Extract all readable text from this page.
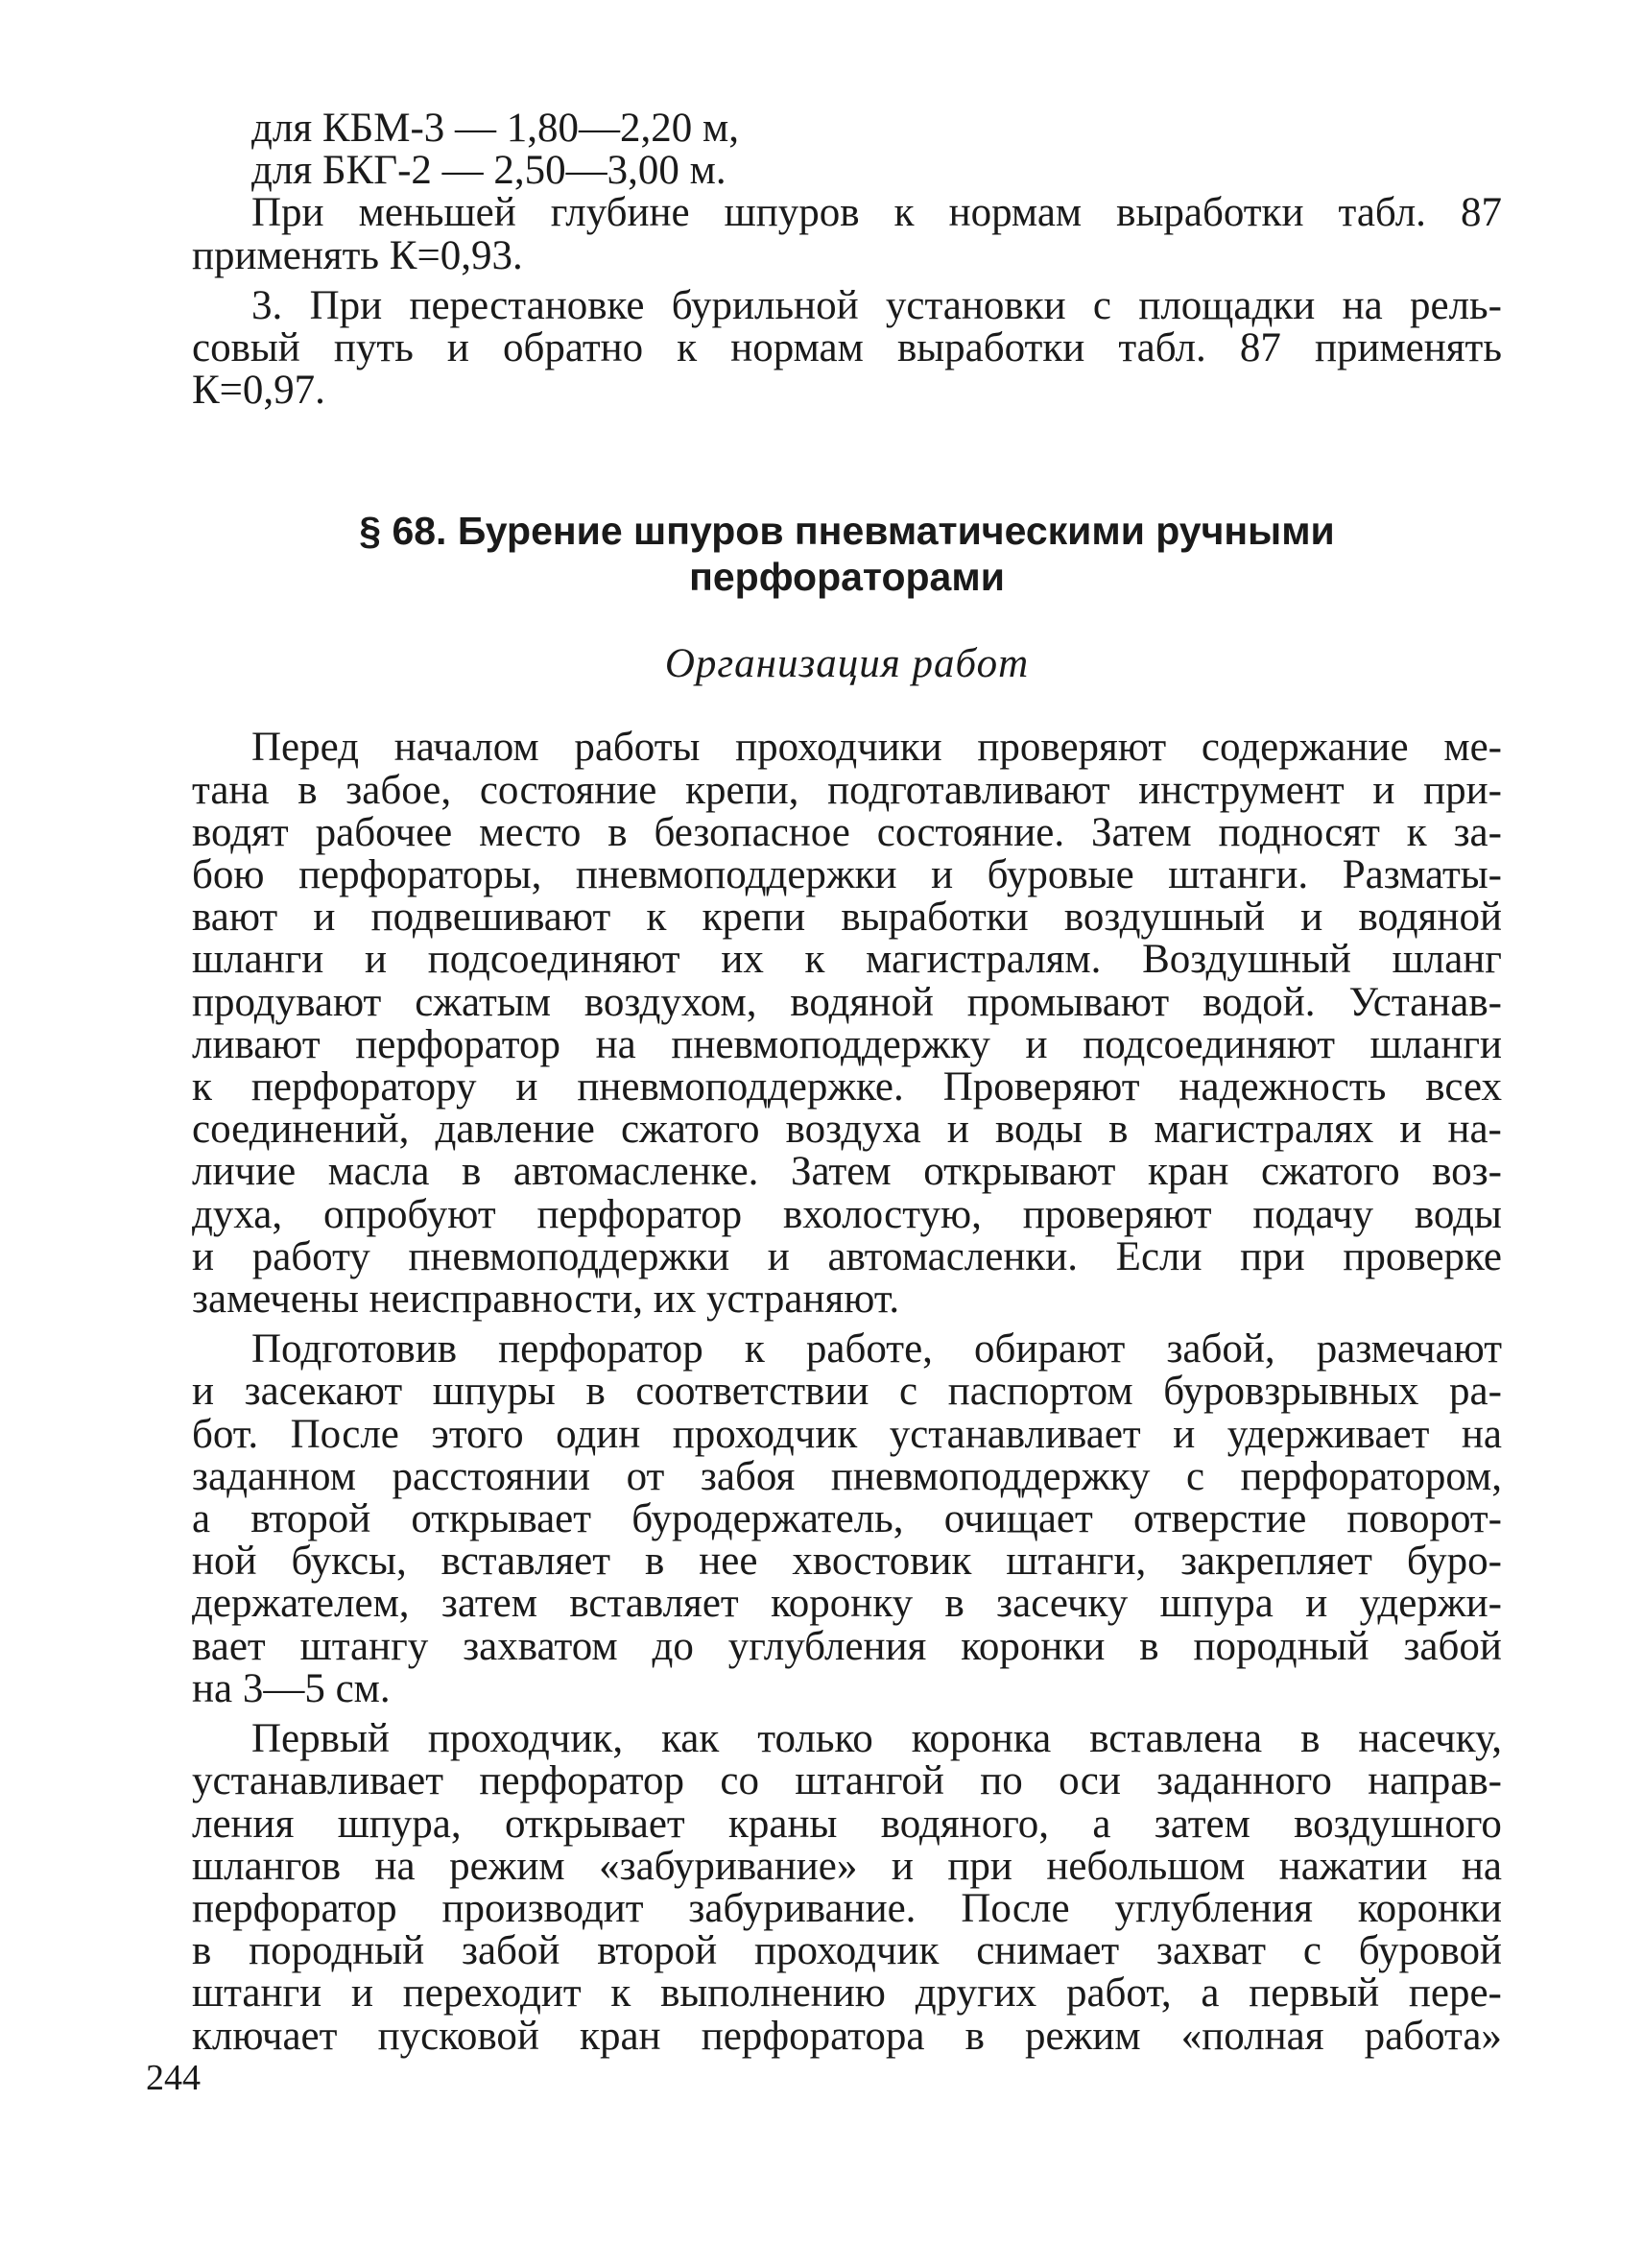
для КБМ-3 — 1,80—2,20 м,
для БКГ-2 — 2,50—3,00 м.
При меньшей глубине шпуров к нормам выработки табл. 87
применять К=0,93.
3. При перестановке бурильной установки с площадки на рель-
совый путь и обратно к нормам выработки табл. 87 применять
К=0,97.
§ 68. Бурение шпуров пневматическими ручными
перфораторами
Организация работ
Перед началом работы проходчики проверяют содержание ме-
тана в забое, состояние крепи, подготавливают инструмент и при-
водят рабочее место в безопасное состояние. Затем подносят к за-
бою перфораторы, пневмоподдержки и буровые штанги. Разматы-
вают и подвешивают к крепи выработки воздушный и водяной
шланги и подсоединяют их к магистралям. Воздушный шланг
продувают сжатым воздухом, водяной промывают водой. Устанав-
ливают перфоратор на пневмоподдержку и подсоединяют шланги
к перфоратору и пневмоподдержке. Проверяют надежность всех
соединений, давление сжатого воздуха и воды в магистралях и на-
личие масла в автомасленке. Затем открывают кран сжатого воз-
духа, опробуют перфоратор вхолостую, проверяют подачу воды
и работу пневмоподдержки и автомасленки. Если при проверке
замечены неисправности, их устраняют.
Подготовив перфоратор к работе, обирают забой, размечают
и засекают шпуры в соответствии с паспортом буровзрывных ра-
бот. После этого один проходчик устанавливает и удерживает на
заданном расстоянии от забоя пневмоподдержку с перфоратором,
а второй открывает буродержатель, очищает отверстие поворот-
ной буксы, вставляет в нее хвостовик штанги, закрепляет буро-
держателем, затем вставляет коронку в засечку шпура и удержи-
вает штангу захватом до углубления коронки в породный забой
на 3—5 см.
Первый проходчик, как только коронка вставлена в насечку,
устанавливает перфоратор со штангой по оси заданного направ-
ления шпура, открывает краны водяного, а затем воздушного
шлангов на режим «забуривание» и при небольшом нажатии на
перфоратор производит забуривание. После углубления коронки
в породный забой второй проходчик снимает захват с буровой
штанги и переходит к выполнению других работ, а первый пере-
ключает пусковой кран перфоратора в режим «полная работа»
244
